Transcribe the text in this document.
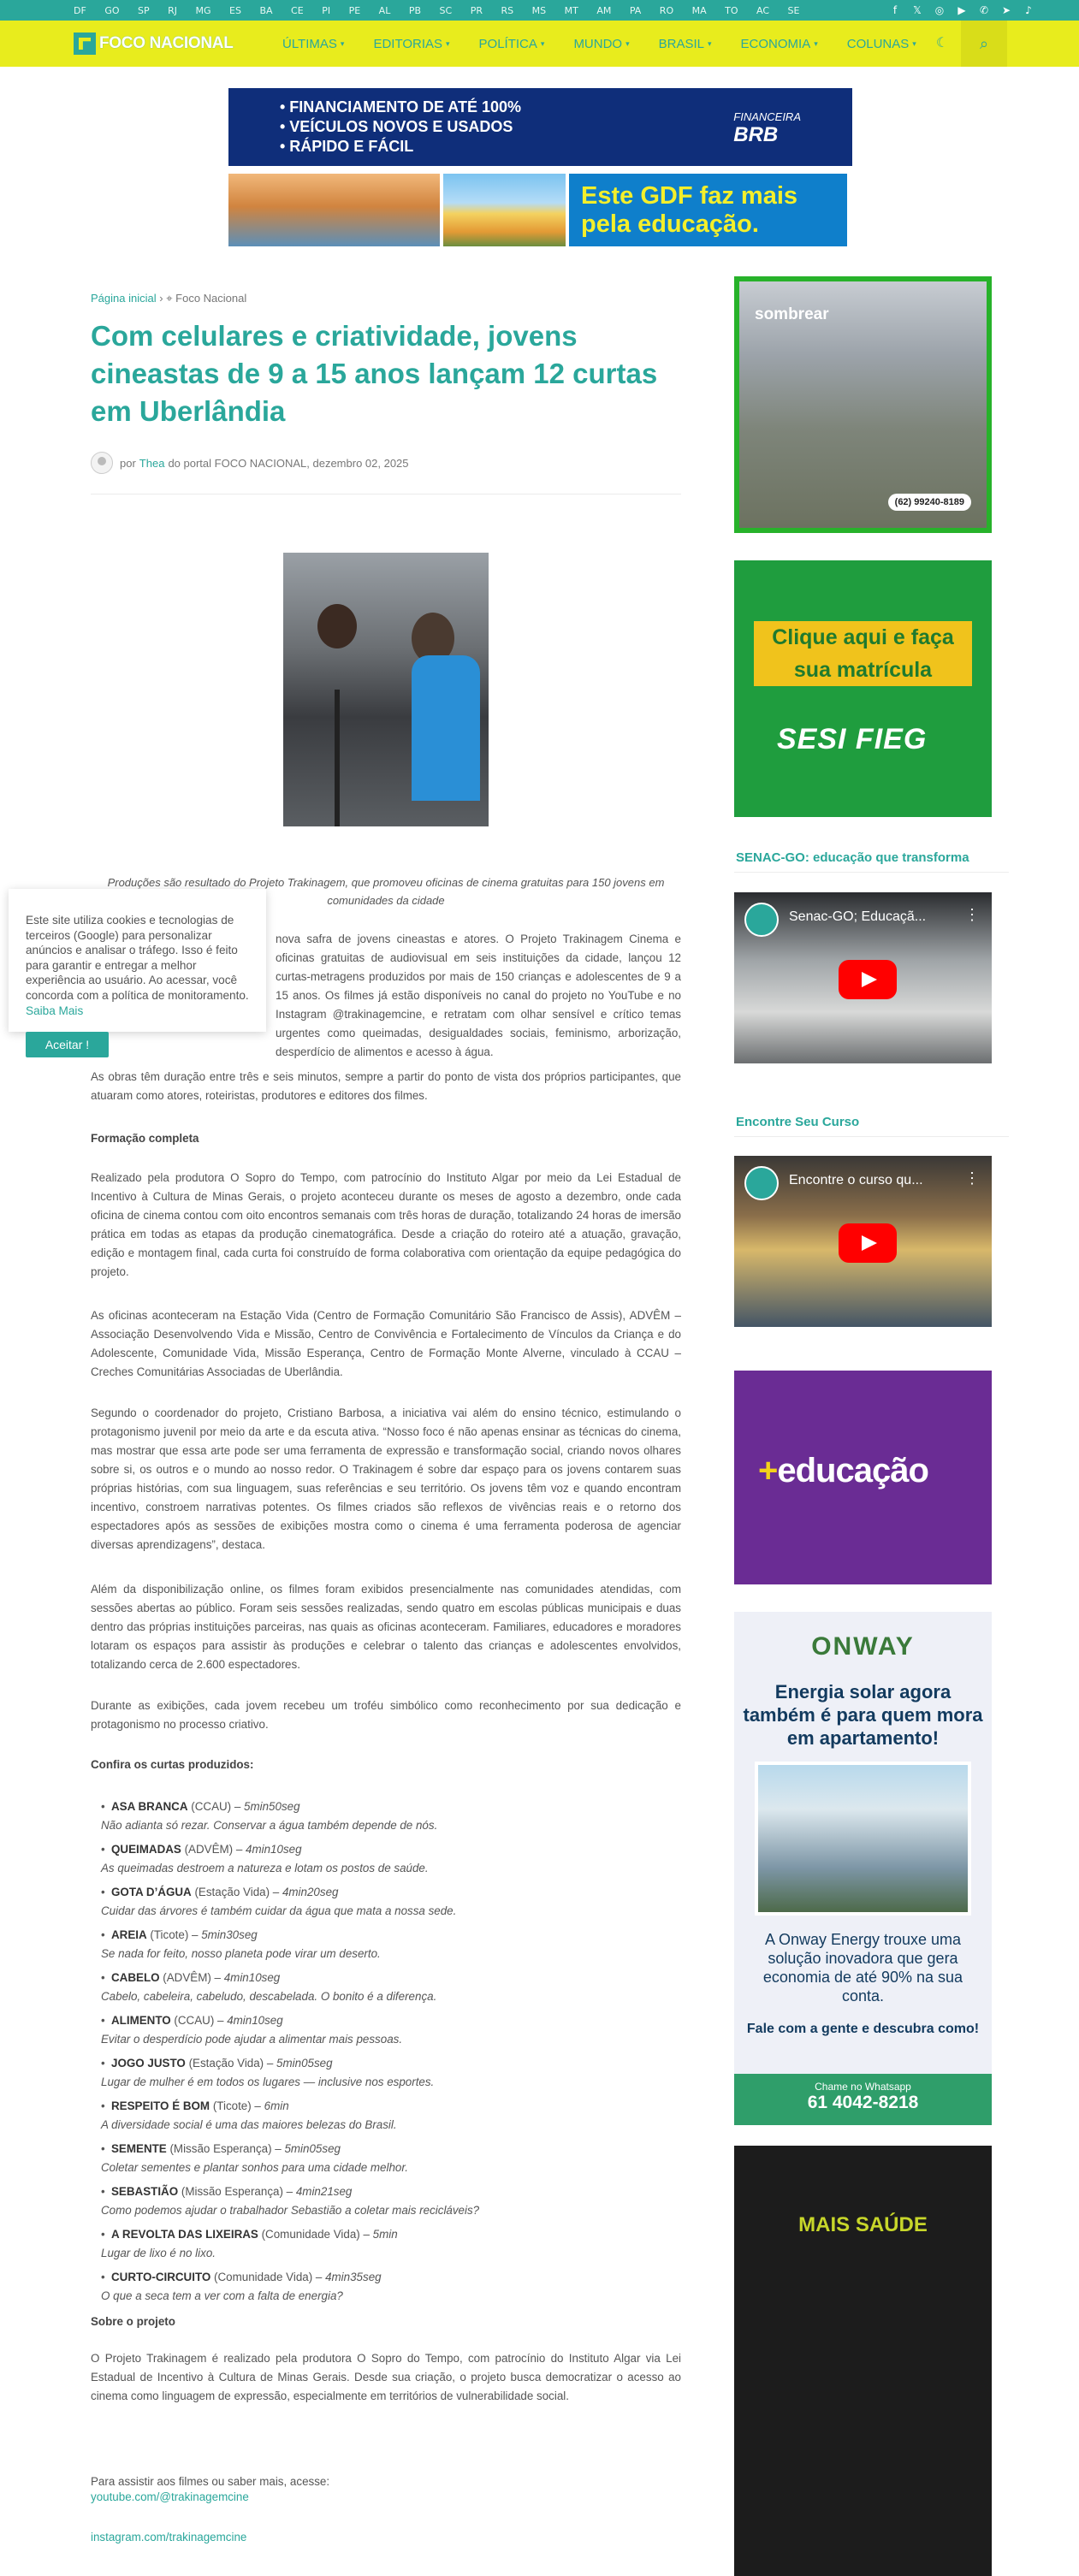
DF GO SP RJ MG ES BA CE PI PE AL PB SC PR RS MS MT AM PA RO MA TO AC SE	f	𝕏 ◎ ▶ ✆ ➤ ♪
FOCO NACIONAL	ÚLTIMAS ▾ EDITORIAS ▾ POLÍTICA ▾ MUNDO ▾ BRASIL ▾ ECONOMIA ▾ COLUNAS ▾ ☾ ⌕
• FINANCIAMENTO DE ATÉ 100%
• VEÍCULOS NOVOS E USADOS
• RÁPIDO E FÁCIL
FINANCEIRA
BRB
Este GDF faz mais pela educação.
Página inicial › ⌖ Foco Nacional
Com celulares e criatividade, jovens cineastas de 9 a 15 anos lançam 12 curtas em Uberlândia
por Thea do portal FOCO NACIONAL, dezembro 02, 2025
Produções são resultado do Projeto Trakinagem, que promoveu oficinas de cinema gratuitas para 150 jovens em comunidades da cidade
nova safra de jovens cineastas e atores. O Projeto Trakinagem Cinema e oficinas gratuitas de audiovisual em seis instituições da cidade, lançou 12 curtas-metragens produzidos por mais de 150 crianças e adolescentes de 9 a 15 anos. Os filmes já estão disponíveis no canal do projeto no YouTube e no Instagram @trakinagemcine, e retratam com olhar sensível e crítico temas urgentes como queimadas, desigualdades sociais, feminismo, arborização, desperdício de alimentos e acesso à água.
As obras têm duração entre três e seis minutos, sempre a partir do ponto de vista dos próprios participantes, que atuaram como atores, roteiristas, produtores e editores dos filmes.
Formação completa
Realizado pela produtora O Sopro do Tempo, com patrocínio do Instituto Algar por meio da Lei Estadual de Incentivo à Cultura de Minas Gerais, o projeto aconteceu durante os meses de agosto a dezembro, onde cada oficina de cinema contou com oito encontros semanais com três horas de duração, totalizando 24 horas de imersão prática em todas as etapas da produção cinematográfica. Desde a criação do roteiro até a atuação, gravação, edição e montagem final, cada curta foi construído de forma colaborativa com orientação da equipe pedagógica do projeto.
As oficinas aconteceram na Estação Vida (Centro de Formação Comunitário São Francisco de Assis), ADVÊM – Associação Desenvolvendo Vida e Missão, Centro de Convivência e Fortalecimento de Vínculos da Criança e do Adolescente, Comunidade Vida, Missão Esperança, Centro de Formação Monte Alverne, vinculado à CCAU – Creches Comunitárias Associadas de Uberlândia.
Segundo o coordenador do projeto, Cristiano Barbosa, a iniciativa vai além do ensino técnico, estimulando o protagonismo juvenil por meio da arte e da escuta ativa. “Nosso foco é não apenas ensinar as técnicas do cinema, mas mostrar que essa arte pode ser uma ferramenta de expressão e transformação social, criando novos olhares sobre si, os outros e o mundo ao nosso redor. O Trakinagem é sobre dar espaço para os jovens contarem suas próprias histórias, com sua linguagem, suas referências e seu território. Os jovens têm voz e quando encontram incentivo, constroem narrativas potentes. Os filmes criados são reflexos de vivências reais e o retorno dos espectadores após as sessões de exibições mostra como o cinema é uma ferramenta poderosa de agenciar diversas aprendizagens”, destaca.
Além da disponibilização online, os filmes foram exibidos presencialmente nas comunidades atendidas, com sessões abertas ao público. Foram seis sessões realizadas, sendo quatro em escolas públicas municipais e duas dentro das próprias instituições parceiras, nas quais as oficinas aconteceram. Familiares, educadores e moradores lotaram os espaços para assistir às produções e celebrar o talento das crianças e adolescentes envolvidos, totalizando cerca de 2.600 espectadores.
Durante as exibições, cada jovem recebeu um troféu simbólico como reconhecimento por sua dedicação e protagonismo no processo criativo.
Confira os curtas produzidos:
• ASA BRANCA (CCAU) – 5min50seg
Não adianta só rezar. Conservar a água também depende de nós.
• QUEIMADAS (ADVÊM) – 4min10seg
As queimadas destroem a natureza e lotam os postos de saúde.
• GOTA D’ÁGUA (Estação Vida) – 4min20seg
Cuidar das árvores é também cuidar da água que mata a nossa sede.
• AREIA (Ticote) – 5min30seg
Se nada for feito, nosso planeta pode virar um deserto.
• CABELO (ADVÊM) – 4min10seg
Cabelo, cabeleira, cabeludo, descabelada. O bonito é a diferença.
• ALIMENTO (CCAU) – 4min10seg
Evitar o desperdício pode ajudar a alimentar mais pessoas.
• JOGO JUSTO (Estação Vida) – 5min05seg
Lugar de mulher é em todos os lugares — inclusive nos esportes.
• RESPEITO É BOM (Ticote) – 6min
A diversidade social é uma das maiores belezas do Brasil.
• SEMENTE (Missão Esperança) – 5min05seg
Coletar sementes e plantar sonhos para uma cidade melhor.
• SEBASTIÃO (Missão Esperança) – 4min21seg
Como podemos ajudar o trabalhador Sebastião a coletar mais recicláveis?
• A REVOLTA DAS LIXEIRAS (Comunidade Vida) – 5min
Lugar de lixo é no lixo.
• CURTO-CIRCUITO (Comunidade Vida) – 4min35seg
O que a seca tem a ver com a falta de energia?
Sobre o projeto
O Projeto Trakinagem é realizado pela produtora O Sopro do Tempo, com patrocínio do Instituto Algar via Lei Estadual de Incentivo à Cultura de Minas Gerais. Desde sua criação, o projeto busca democratizar o acesso ao cinema como linguagem de expressão, especialmente em territórios de vulnerabilidade social.
Para assistir aos filmes ou saber mais, acesse:
youtube.com/@trakinagemcine
instagram.com/trakinagemcine
Este site utiliza cookies e tecnologias de terceiros (Google) para personalizar anúncios e analisar o tráfego. Isso é feito para garantir e entregar a melhor experiência ao usuário. Ao acessar, você concorda com a política de monitoramento. Saiba Mais
Aceitar !
sombrear
(62) 99240-8189
Clique aqui e faça sua matrícula
SESI FIEG
SENAC-GO: educação que transforma
Senac-GO; Educaçã...	⋮
Encontre Seu Curso
Encontre o curso qu...	⋮
+educação
ONWAY
Energia solar agora também é para quem mora em apartamento!
A Onway Energy trouxe uma solução inovadora que gera economia de até 90% na sua conta.
Fale com a gente e descubra como!
Chame no Whatsapp
61 4042-8218
MAIS SAÚDE
